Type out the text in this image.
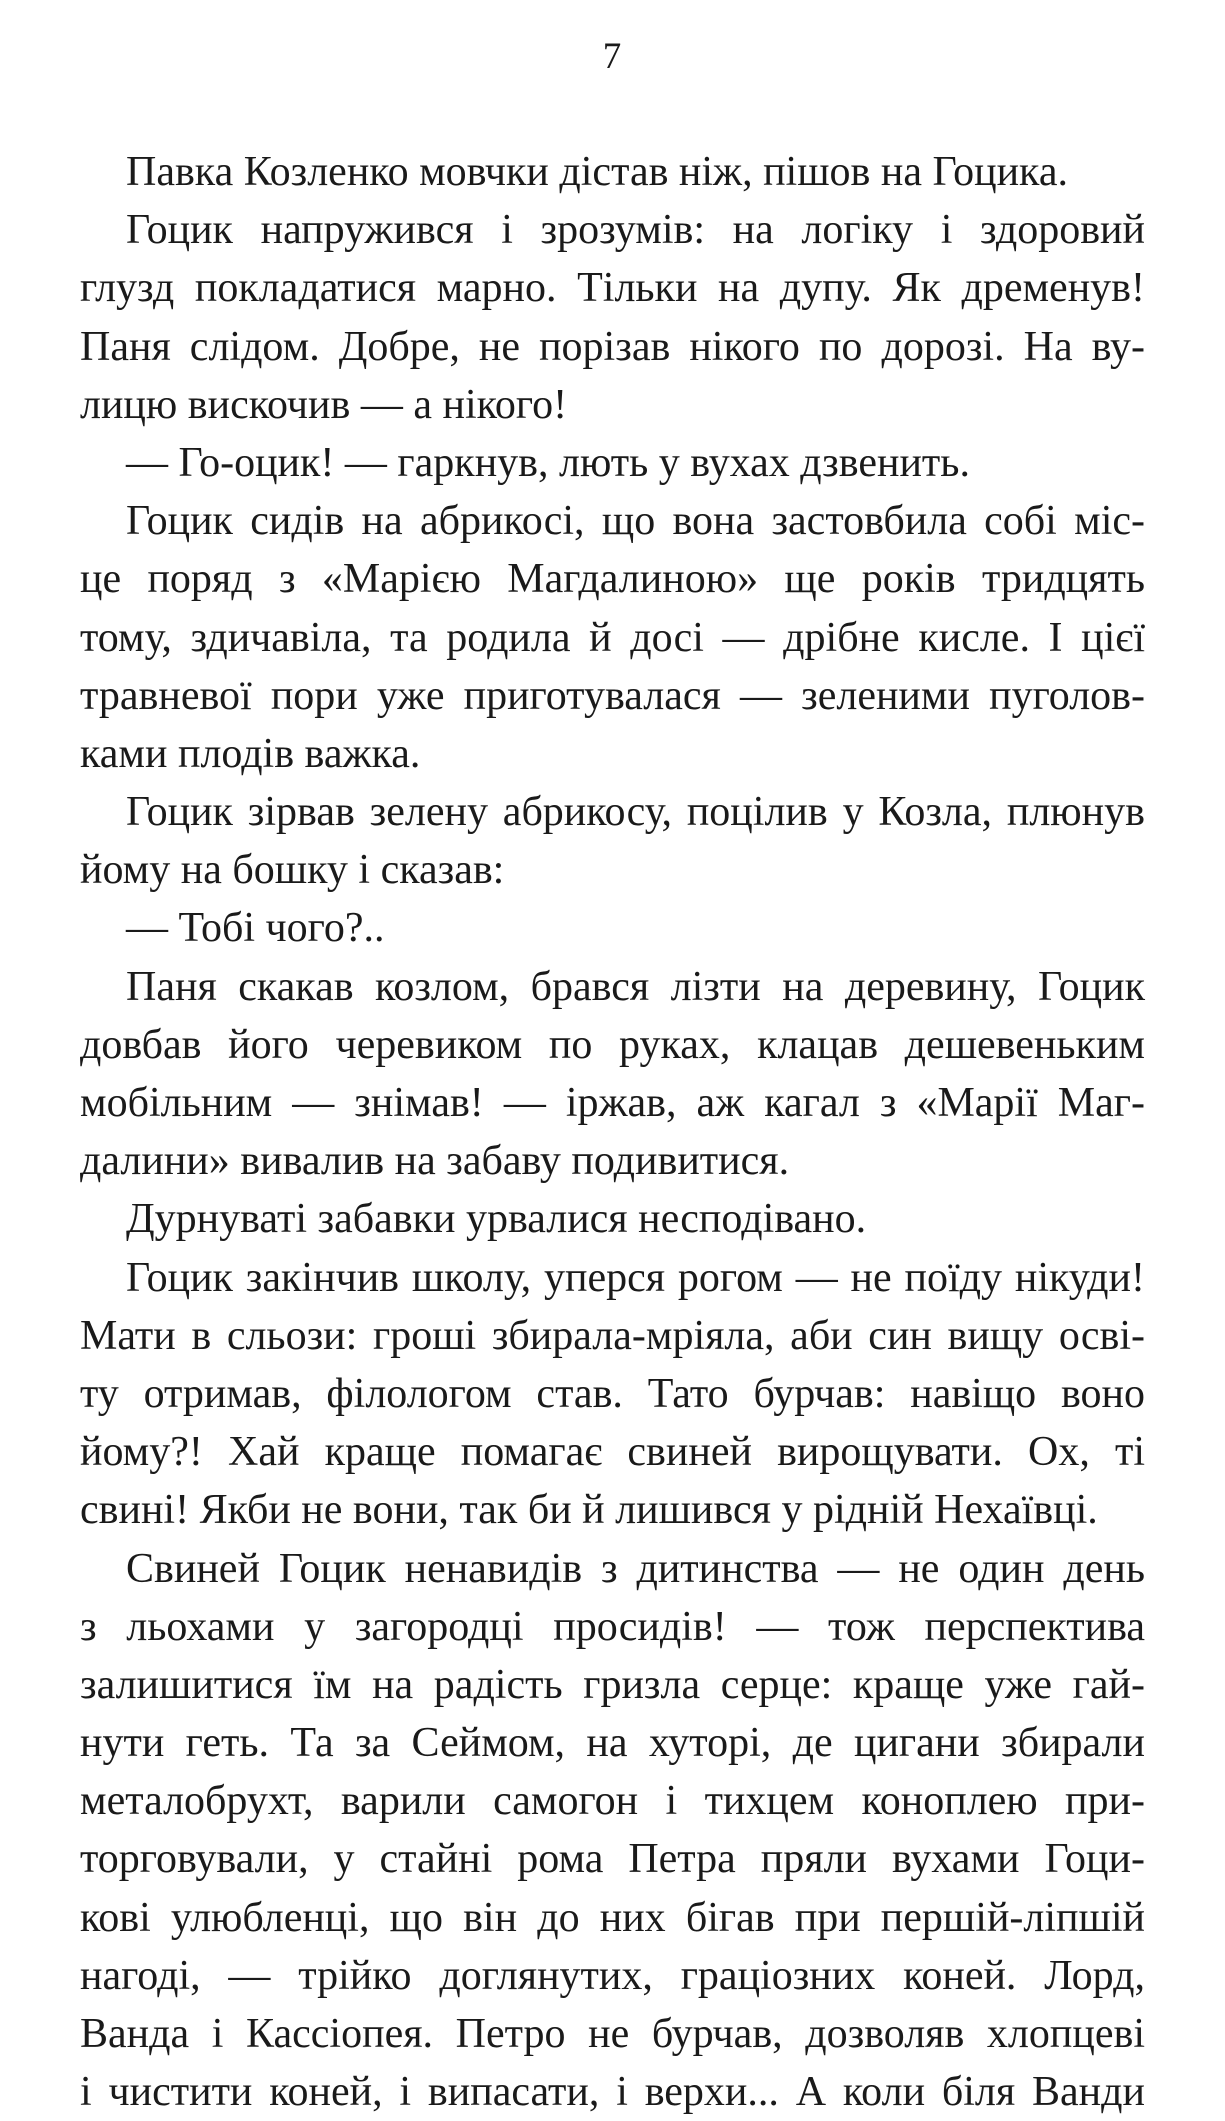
7
Павка Козленко мовчки дістав ніж, пішов на Гоцика.
Гоцик напружився і зрозумів: на логіку і здоровий
глузд покладатися марно. Тільки на дупу. Як дременув!
Паня слідом. Добре, не порізав нікого по дорозі. На ву-
лицю вискочив — а нікого!
— Го-оцик! — гаркнув, лють у вухах дзвенить.
Гоцик сидів на абрикосі, що вона застовбила собі міс-
це поряд з «Марією Магдалиною» ще років тридцять
тому, здичавіла, та родила й досі — дрібне кисле. І цієї
травневої пори уже приготувалася — зеленими пуголов-
ками плодів важка.
Гоцик зірвав зелену абрикосу, поцілив у Козла, плюнув
йому на бошку і сказав:
— Тобі чого?..
Паня скакав козлом, брався лізти на деревину, Гоцик
довбав його черевиком по руках, клацав дешевеньким
мобільним — знімав! — іржав, аж кагал з «Марії Маг-
далини» вивалив на забаву подивитися.
Дурнуваті забавки урвалися несподівано.
Гоцик закінчив школу, уперся рогом — не поїду нікуди!
Мати в сльози: гроші збирала-мріяла, аби син вищу осві-
ту отримав, філологом став. Тато бурчав: навіщо воно
йому?! Хай краще помагає свиней вирощувати. Ох, ті
свині! Якби не вони, так би й лишився у рідній Нехаївці.
Свиней Гоцик ненавидів з дитинства — не один день
з льохами у загородці просидів! — тож перспектива
залишитися їм на радість гризла серце: краще уже гай-
нути геть. Та за Сеймом, на хуторі, де цигани збирали
металобрухт, варили самогон і тихцем коноплею при-
торговували, у стайні рома Петра пряли вухами Гоци-
кові улюбленці, що він до них бігав при першій-ліпшій
нагоді, — трійко доглянутих, граціозних коней. Лорд,
Ванда і Кассіопея. Петро не бурчав, дозволяв хлопцеві
і чистити коней, і випасати, і верхи... А коли біля Ванди
